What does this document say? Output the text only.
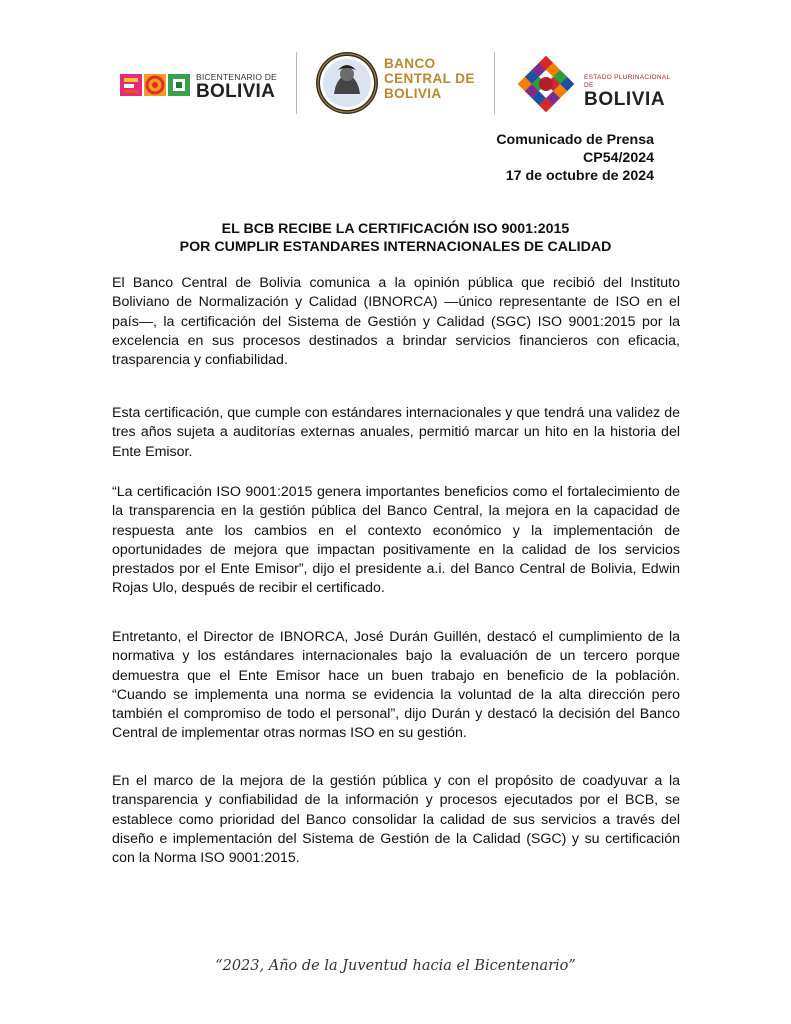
BICENTENARIO DE
BOLIVIA
BANCO
CENTRAL DE
BOLIVIA
ESTADO PLURINACIONAL DE
BOLIVIA
Comunicado de Prensa
CP54/2024
17 de octubre de 2024
EL BCB RECIBE LA CERTIFICACIÓN ISO 9001:2015
POR CUMPLIR ESTANDARES INTERNACIONALES DE CALIDAD

El Banco Central de Bolivia comunica a la opinión pública que recibió del Instituto Boliviano de Normalización y Calidad (IBNORCA) —único representante de ISO en el país—, la certificación del Sistema de Gestión y Calidad (SGC) ISO 9001:2015 por la excelencia en sus procesos destinados a brindar servicios financieros con eficacia, trasparencia y confiabilidad.

Esta certificación, que cumple con estándares internacionales y que tendrá una validez de tres años sujeta a auditorías externas anuales, permitió marcar un hito en la historia del Ente Emisor.

“La certificación ISO 9001:2015 genera importantes beneficios como el fortalecimiento de la transparencia en la gestión pública del Banco Central, la mejora en la capacidad de respuesta ante los cambios en el contexto económico y la implementación de oportunidades de mejora que impactan positivamente en la calidad de los servicios prestados por el Ente Emisor”, dijo el presidente a.i. del Banco Central de Bolivia, Edwin Rojas Ulo, después de recibir el certificado.

Entretanto, el Director de IBNORCA, José Durán Guillén, destacó el cumplimiento de la normativa y los estándares internacionales bajo la evaluación de un tercero porque demuestra que el Ente Emisor hace un buen trabajo en beneficio de la población. “Cuando se implementa una norma se evidencia la voluntad de la alta dirección pero también el compromiso de todo el personal”, dijo Durán y destacó la decisión del Banco Central de implementar otras normas ISO en su gestión.

En el marco de la mejora de la gestión pública y con el propósito de coadyuvar a la transparencia y confiabilidad de la información y procesos ejecutados por el BCB, se establece como prioridad del Banco consolidar la calidad de sus servicios a través del diseño e implementación del Sistema de Gestión de la Calidad (SGC) y su certificación con la Norma ISO 9001:2015.

“2023, Año de la Juventud hacia el Bicentenario”
